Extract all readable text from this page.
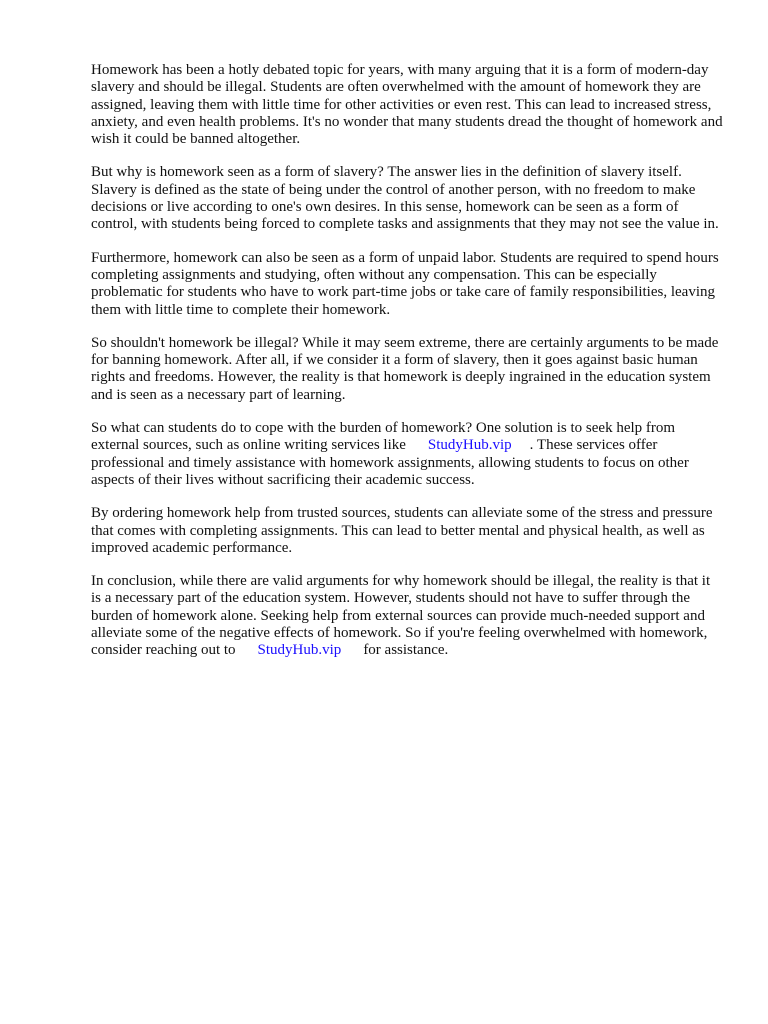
Homework has been a hotly debated topic for years, with many arguing that it is a form of modern-day slavery and should be illegal. Students are often overwhelmed with the amount of homework they are assigned, leaving them with little time for other activities or even rest. This can lead to increased stress, anxiety, and even health problems. It's no wonder that many students dread the thought of homework and wish it could be banned altogether.

But why is homework seen as a form of slavery? The answer lies in the definition of slavery itself. Slavery is defined as the state of being under the control of another person, with no freedom to make decisions or live according to one's own desires. In this sense, homework can be seen as a form of control, with students being forced to complete tasks and assignments that they may not see the value in.

Furthermore, homework can also be seen as a form of unpaid labor. Students are required to spend hours completing assignments and studying, often without any compensation. This can be especially problematic for students who have to work part-time jobs or take care of family responsibilities, leaving them with little time to complete their homework.

So shouldn't homework be illegal? While it may seem extreme, there are certainly arguments to be made for banning homework. After all, if we consider it a form of slavery, then it goes against basic human rights and freedoms. However, the reality is that homework is deeply ingrained in the education system and is seen as a necessary part of learning.

So what can students do to cope with the burden of homework? One solution is to seek help from external sources, such as online writing services like StudyHub.vip . These services offer professional and timely assistance with homework assignments, allowing students to focus on other aspects of their lives without sacrificing their academic success.

By ordering homework help from trusted sources, students can alleviate some of the stress and pressure that comes with completing assignments. This can lead to better mental and physical health, as well as improved academic performance.

In conclusion, while there are valid arguments for why homework should be illegal, the reality is that it is a necessary part of the education system. However, students should not have to suffer through the burden of homework alone. Seeking help from external sources can provide much-needed support and alleviate some of the negative effects of homework. So if you're feeling overwhelmed with homework, consider reaching out to StudyHub.vip for assistance.
